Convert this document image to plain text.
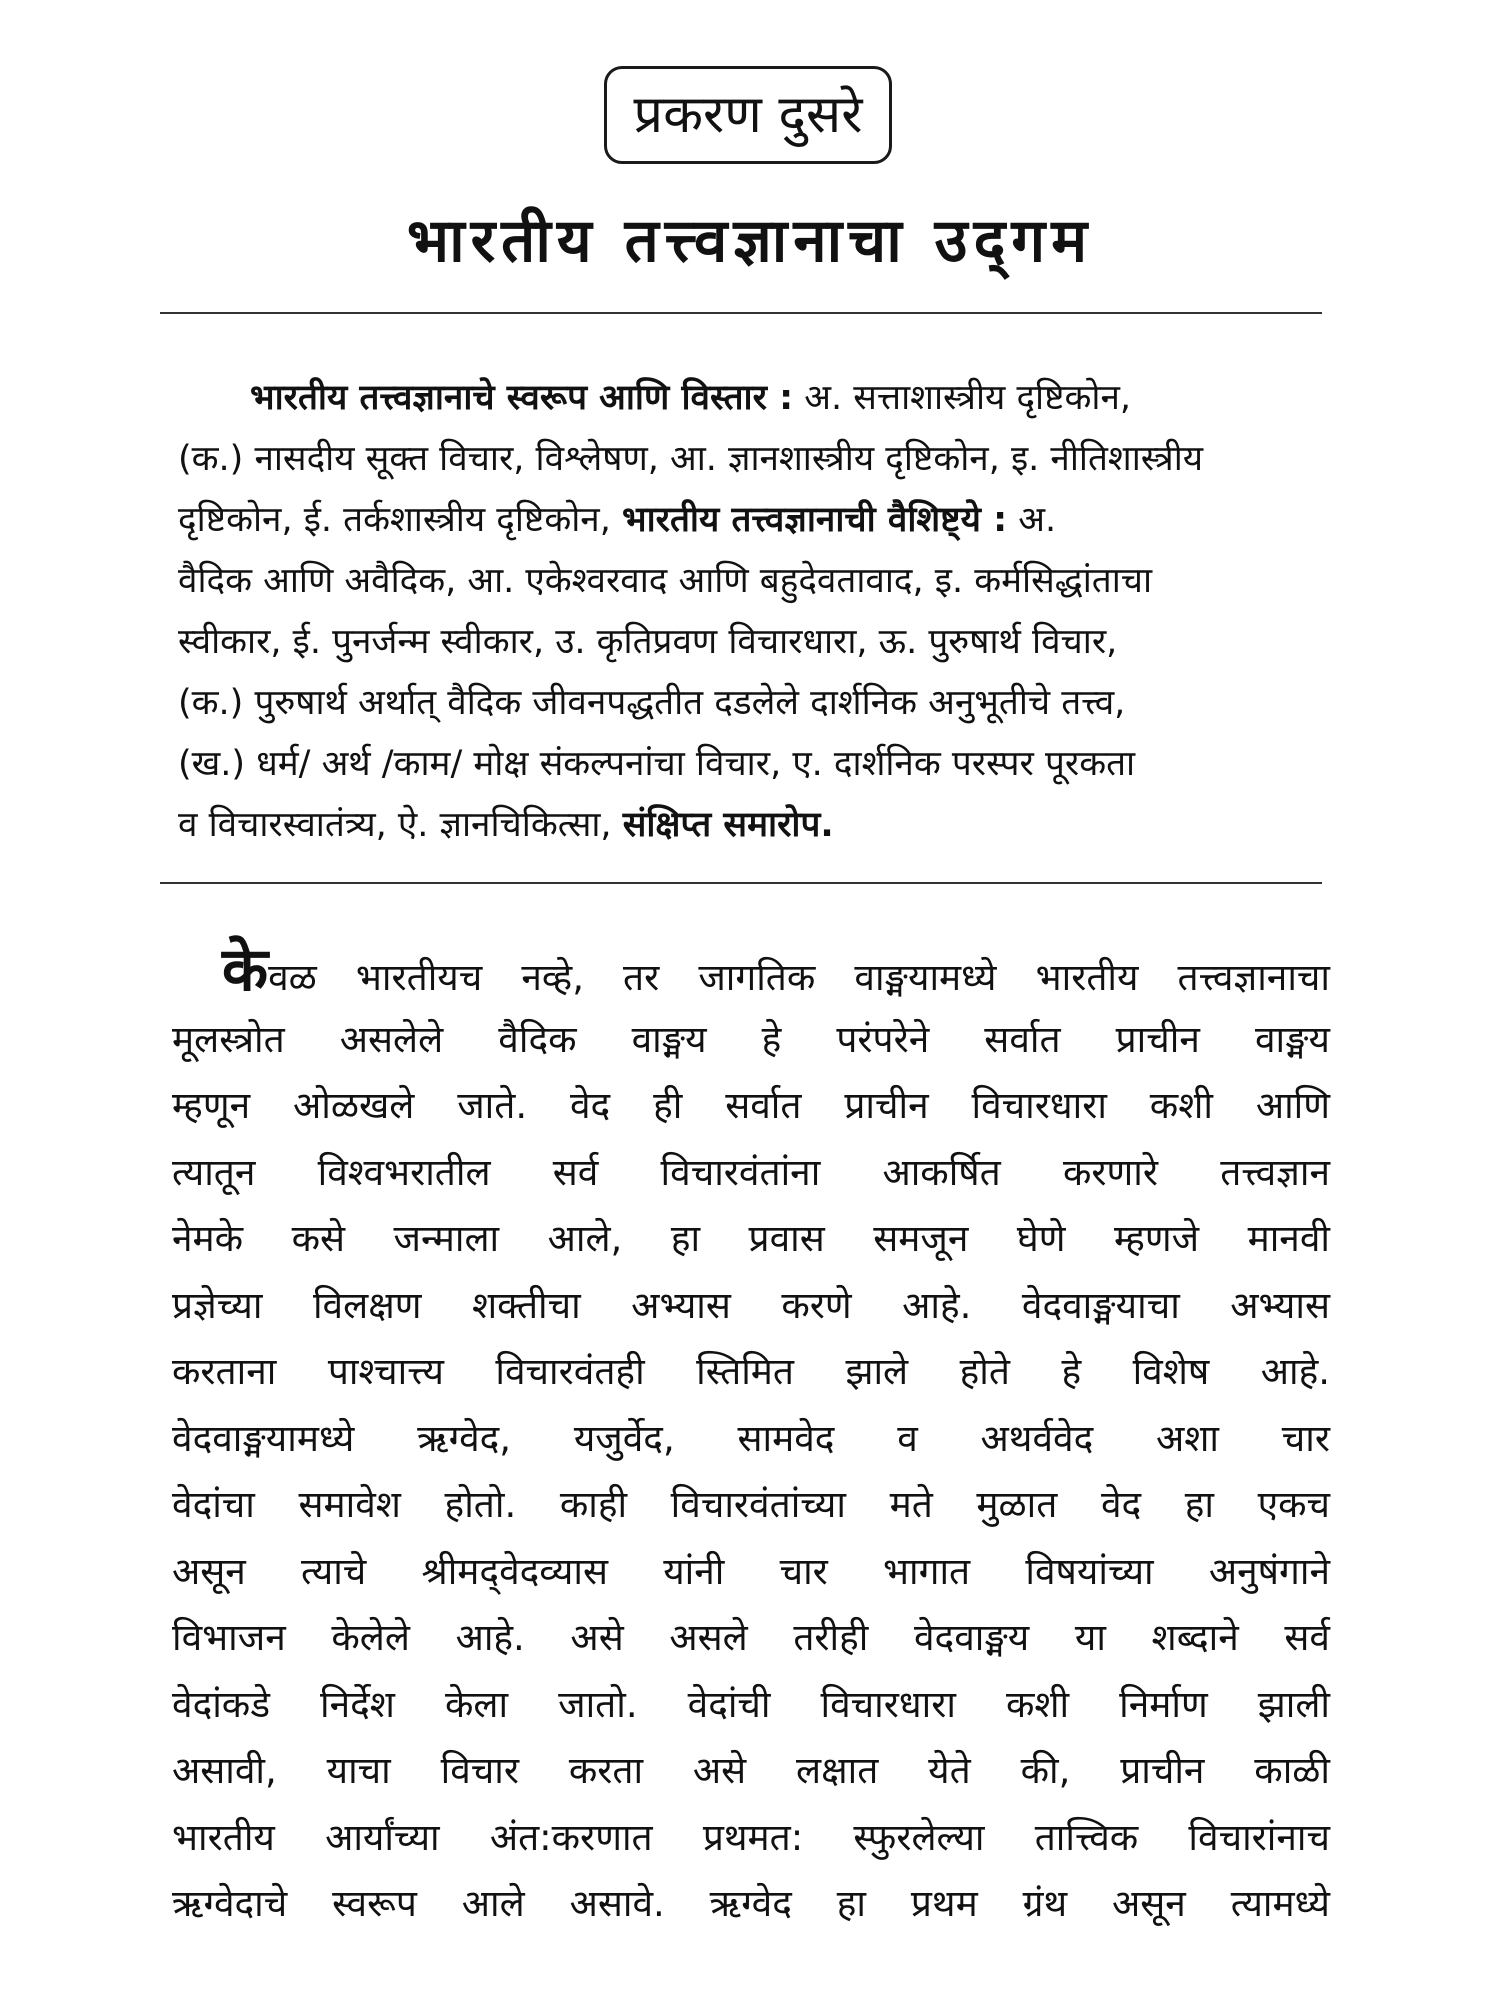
प्रकरण दुसरे
भारतीय तत्त्वज्ञानाचा उद्‌गम
भारतीय तत्त्वज्ञानाचे स्वरूप आणि विस्तार : अ. सत्ताशास्त्रीय दृष्टिकोन,
(क.) नासदीय सूक्त विचार, विश्लेषण, आ. ज्ञानशास्त्रीय दृष्टिकोन, इ. नीतिशास्त्रीय
दृष्टिकोन, ई. तर्कशास्त्रीय दृष्टिकोन, भारतीय तत्त्वज्ञानाची वैशिष्ट्ये : अ.
वैदिक आणि अवैदिक, आ. एकेश्वरवाद आणि बहुदेवतावाद, इ. कर्मसिद्धांताचा
स्वीकार, ई. पुनर्जन्म स्वीकार, उ. कृतिप्रवण विचारधारा, ऊ. पुरुषार्थ विचार,
(क.) पुरुषार्थ अर्थात् वैदिक जीवनपद्धतीत दडलेले दार्शनिक अनुभूतीचे तत्त्व,
(ख.) धर्म/ अर्थ /काम/ मोक्ष संकल्पनांचा विचार, ए. दार्शनिक परस्पर पूरकता
व विचारस्वातंत्र्य, ऐ. ज्ञानचिकित्सा, संक्षिप्त समारोप.
केवळ भारतीयच नव्हे, तर जागतिक वाङ्मयामध्ये भारतीय तत्त्वज्ञानाचा
मूलस्त्रोत असलेले वैदिक वाङ्मय हे परंपरेने सर्वात प्राचीन वाङ्मय
म्हणून ओळखले जाते. वेद ही सर्वात प्राचीन विचारधारा कशी आणि
त्यातून विश्वभरातील सर्व विचारवंतांना आकर्षित करणारे तत्त्वज्ञान
नेमके कसे जन्माला आले, हा प्रवास समजून घेणे म्हणजे मानवी
प्रज्ञेच्या विलक्षण शक्तीचा अभ्यास करणे आहे. वेदवाङ्मयाचा अभ्यास
करताना पाश्चात्त्य विचारवंतही स्तिमित झाले होते हे विशेष आहे.
वेदवाङ्मयामध्ये ऋग्वेद, यजुर्वेद, सामवेद व अथर्ववेद अशा चार
वेदांचा समावेश होतो. काही विचारवंतांच्या मते मुळात वेद हा एकच
असून त्याचे श्रीमद्‌वेदव्यास यांनी चार भागात विषयांच्या अनुषंगाने
विभाजन केलेले आहे. असे असले तरीही वेदवाङ्मय या शब्दाने सर्व
वेदांकडे निर्देश केला जातो. वेदांची विचारधारा कशी निर्माण झाली
असावी, याचा विचार करता असे लक्षात येते की, प्राचीन काळी
भारतीय आर्यांच्या अंत:करणात प्रथमत: स्फुरलेल्या तात्त्विक विचारांनाच
ऋग्वेदाचे स्वरूप आले असावे. ऋग्वेद हा प्रथम ग्रंथ असून त्यामध्ये
